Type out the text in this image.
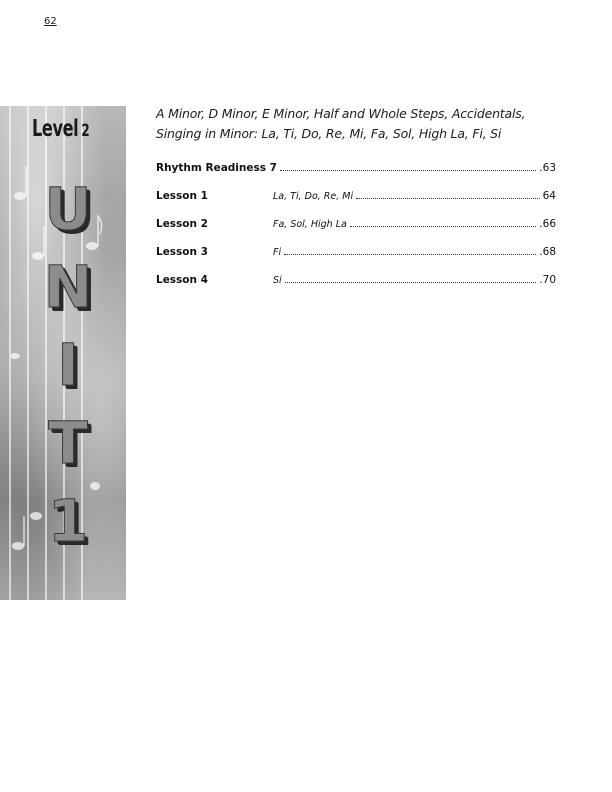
62
Level 2
U
N
I
T
1

A Minor, D Minor, E Minor, Half and Whole Steps, Accidentals,
Singing in Minor: La, Ti, Do, Re, Mi, Fa, Sol, High La, Fi, Si

Rhythm Readiness 7	.63
Lesson 1	La, Ti, Do, Re, Mi	64
Lesson 2	Fa, Sol, High La	.66
Lesson 3	Fi	.68
Lesson 4	Si	.70
